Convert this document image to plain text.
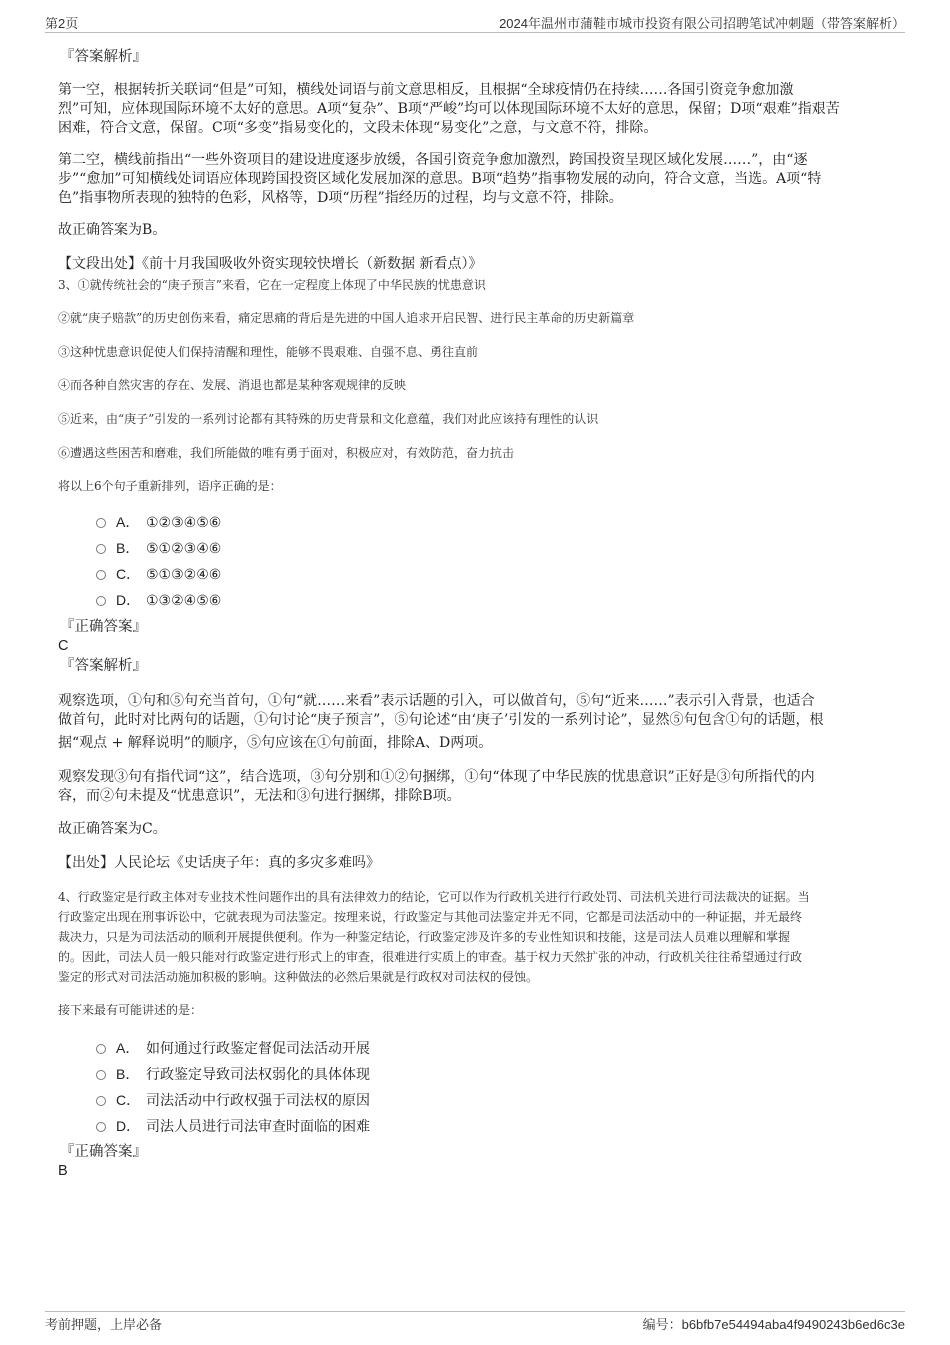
第2页	2024年温州市蒲鞋市城市投资有限公司招聘笔试冲刺题（带答案解析）
『答案解析』
第一空，根据转折关联词“但是”可知，横线处词语与前文意思相反，且根据“全球疫情仍在持续……各国引资竞争愈加激
烈”可知，应体现国际环境不太好的意思。A项“复杂”、B项“严峻”均可以体现国际环境不太好的意思，保留；D项“艰难”指艰苦
困难，符合文意，保留。C项“多变”指易变化的，文段未体现“易变化”之意，与文意不符，排除。
第二空，横线前指出“一些外资项目的建设进度逐步放缓，各国引资竞争愈加激烈，跨国投资呈现区域化发展……”，由“逐
步”“愈加”可知横线处词语应体现跨国投资区域化发展加深的意思。B项“趋势”指事物发展的动向，符合文意，当选。A项“特
色”指事物所表现的独特的色彩，风格等，D项“历程”指经历的过程，均与文意不符，排除。
故正确答案为B。
【文段出处】《前十月我国吸收外资实现较快增长（新数据 新看点）》
3、①就传统社会的“庚子预言”来看，它在一定程度上体现了中华民族的忧患意识
②就“庚子赔款”的历史创伤来看，痛定思痛的背后是先进的中国人追求开启民智、进行民主革命的历史新篇章
③这种忧患意识促使人们保持清醒和理性，能够不畏艰难、自强不息、勇往直前
④而各种自然灾害的存在、发展、消退也都是某种客观规律的反映
⑤近来，由“庚子”引发的一系列讨论都有其特殊的历史背景和文化意蕴，我们对此应该持有理性的认识
⑥遭遇这些困苦和磨难，我们所能做的唯有勇于面对，积极应对，有效防范，奋力抗击
将以上6个句子重新排列，语序正确的是：
A． ①②③④⑤⑥
B． ⑤①②③④⑥
C． ⑤①③②④⑥
D． ①③②④⑤⑥
『正确答案』
C
『答案解析』
观察选项，①句和⑤句充当首句，①句“就……来看”表示话题的引入，可以做首句，⑤句“近来……”表示引入背景，也适合
做首句，此时对比两句的话题，①句讨论“庚子预言”，⑤句论述“由‘庚子’引发的一系列讨论”，显然⑤句包含①句的话题，根
据“观点 + 解释说明”的顺序，⑤句应该在①句前面，排除A、D两项。
观察发现③句有指代词“这”，结合选项，③句分别和①②句捆绑，①句“体现了中华民族的忧患意识”正好是③句所指代的内
容，而②句未提及“忧患意识”，无法和③句进行捆绑，排除B项。
故正确答案为C。
【出处】人民论坛《史话庚子年：真的多灾多难吗》
4、行政鉴定是行政主体对专业技术性问题作出的具有法律效力的结论，它可以作为行政机关进行行政处罚、司法机关进行司法裁决的证据。当
行政鉴定出现在刑事诉讼中，它就表现为司法鉴定。按理来说，行政鉴定与其他司法鉴定并无不同，它都是司法活动中的一种证据，并无最终
裁决力，只是为司法活动的顺利开展提供便利。作为一种鉴定结论，行政鉴定涉及许多的专业性知识和技能，这是司法人员难以理解和掌握
的。因此，司法人员一般只能对行政鉴定进行形式上的审查，很难进行实质上的审查。基于权力天然扩张的冲动，行政机关往往希望通过行政
鉴定的形式对司法活动施加积极的影响。这种做法的必然后果就是行政权对司法权的侵蚀。
接下来最有可能讲述的是：
A． 如何通过行政鉴定督促司法活动开展
B． 行政鉴定导致司法权弱化的具体体现
C． 司法活动中行政权强于司法权的原因
D． 司法人员进行司法审查时面临的困难
『正确答案』
B
考前押题，上岸必备	编号：b6bfb7e54494aba4f9490243b6ed6c3e
